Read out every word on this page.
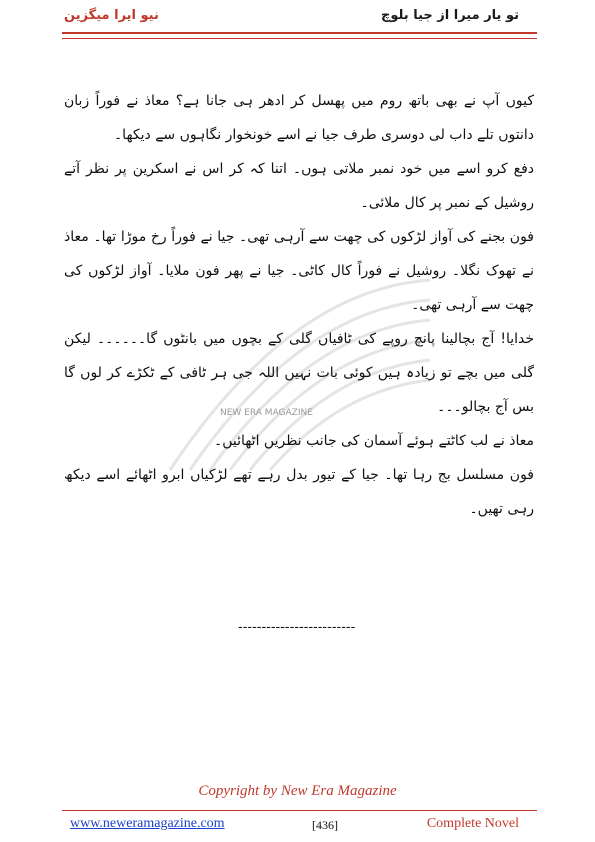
نیو ایرا میگزین	تو یار میرا از جیا بلوچ
NEW ERA MAGAZINE

کیوں آپ نے بھی باتھ روم میں پھسل کر ادھر ہی جانا ہے؟ معاذ نے فوراً زبان دانتوں تلے داب لی دوسری طرف جیا نے اسے خونخوار نگاہوں سے دیکھا۔

دفع کرو اسے میں خود نمبر ملاتی ہوں۔ اتنا کہ کر اس نے اسکرین پر نظر آتے روشیل کے نمبر پر کال ملائی۔

فون بجنے کی آواز لڑکوں کی چھت سے آرہی تھی۔ جیا نے فوراً رخ موڑا تھا۔ معاذ نے تھوک نگلا۔ روشیل نے فوراً کال کاٹی۔ جیا نے پھر فون ملایا۔ آواز لڑکوں کی چھت سے آرہی تھی۔

خدایا! آج بچالینا پانچ روپے کی ٹافیاں گلی کے بچوں میں بانٹوں گا۔۔۔۔۔۔ لیکن گلی میں بچے تو زیادہ ہیں کوئی بات نہیں اللہ جی ہر ٹافی کے ٹکڑے کر لوں گا بس آج بچالو۔۔۔

معاذ نے لب کاٹتے ہوئے آسمان کی جانب نظریں اٹھائیں۔

فون مسلسل بج رہا تھا۔ جیا کے تیور بدل رہے تھے لڑکیاں ابرو اٹھائے اسے دیکھ رہی تھیں۔

-------------------------
Copyright by New Era Magazine
www.neweramagazine.com	[436]	Complete Novel
